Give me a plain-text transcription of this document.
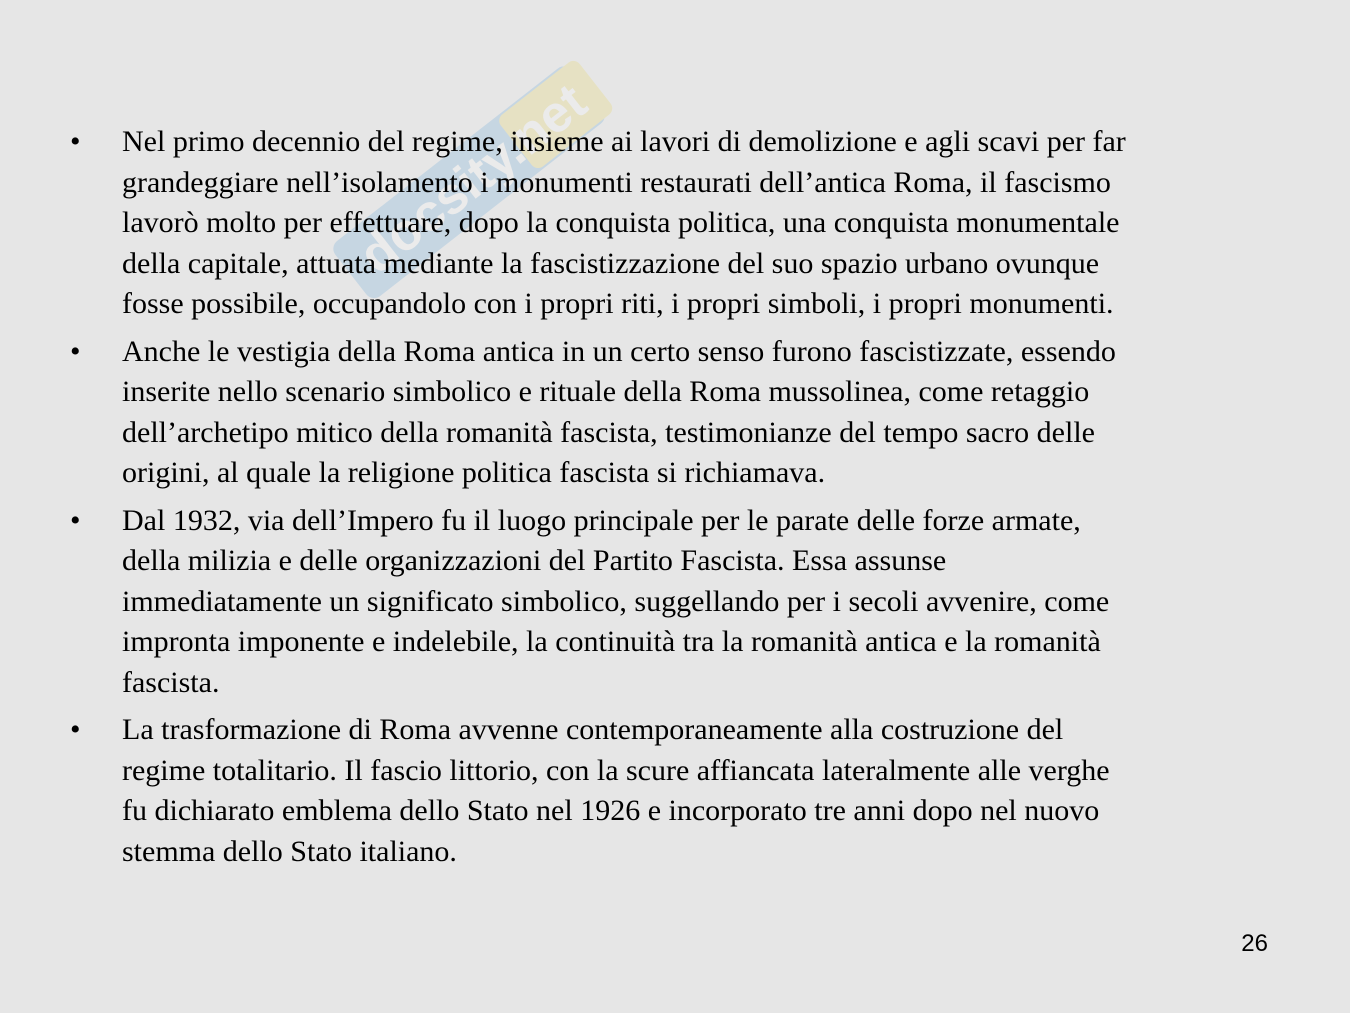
docsity.net
• Nel primo decennio del regime, insieme ai lavori di demolizione e agli scavi per far
grandeggiare nell’isolamento i monumenti restaurati dell’antica Roma, il fascismo
lavorò molto per effettuare, dopo la conquista politica, una conquista monumentale
della capitale, attuata mediante la fascistizzazione del suo spazio urbano ovunque
fosse possibile, occupandolo con i propri riti, i propri simboli, i propri monumenti.
• Anche le vestigia della Roma antica in un certo senso furono fascistizzate, essendo
inserite nello scenario simbolico e rituale della Roma mussolinea, come retaggio
dell’archetipo mitico della romanità fascista, testimonianze del tempo sacro delle
origini, al quale la religione politica fascista si richiamava.
• Dal 1932, via dell’Impero fu il luogo principale per le parate delle forze armate,
della milizia e delle organizzazioni del Partito Fascista. Essa assunse
immediatamente un significato simbolico, suggellando per i secoli avvenire, come
impronta imponente e indelebile, la continuità tra la romanità antica e la romanità
fascista.
• La trasformazione di Roma avvenne contemporaneamente alla costruzione del
regime totalitario. Il fascio littorio, con la scure affiancata lateralmente alle verghe
fu dichiarato emblema dello Stato nel 1926 e incorporato tre anni dopo nel nuovo
stemma dello Stato italiano.
26
